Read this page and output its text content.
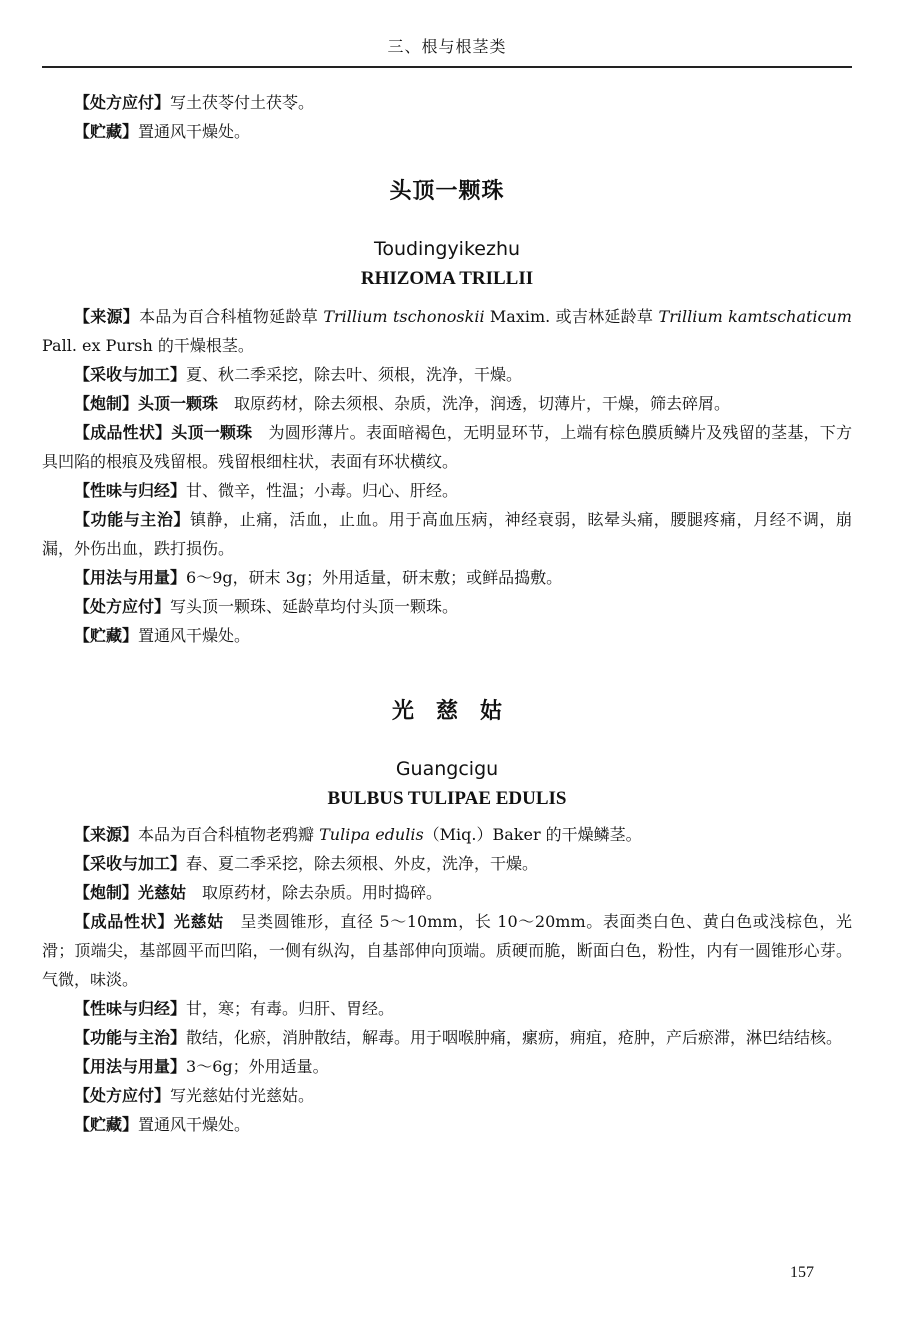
三、根与根茎类

【处方应付】写土茯苓付土茯苓。

【贮藏】置通风干燥处。

头顶一颗珠

Toudingyikezhu

RHIZOMA TRILLII

【来源】本品为百合科植物延龄草 Trillium tschonoskii Maxim. 或吉林延龄草 Trillium kamtschaticum Pall. ex Pursh 的干燥根茎。

【采收与加工】夏、秋二季采挖，除去叶、须根，洗净，干燥。

【炮制】头顶一颗珠　取原药材，除去须根、杂质，洗净，润透，切薄片，干燥，筛去碎屑。

【成品性状】头顶一颗珠　为圆形薄片。表面暗褐色，无明显环节，上端有棕色膜质鳞片及残留的茎基，下方具凹陷的根痕及残留根。残留根细柱状，表面有环状横纹。

【性味与归经】甘、微辛，性温；小毒。归心、肝经。

【功能与主治】镇静，止痛，活血，止血。用于高血压病，神经衰弱，眩晕头痛，腰腿疼痛，月经不调，崩漏，外伤出血，跌打损伤。

【用法与用量】6～9g，研末 3g；外用适量，研末敷；或鲜品捣敷。

【处方应付】写头顶一颗珠、延龄草均付头顶一颗珠。

【贮藏】置通风干燥处。

光慈姑

Guangcigu

BULBUS TULIPAE EDULIS

【来源】本品为百合科植物老鸦瓣 Tulipa edulis（Miq.）Baker 的干燥鳞茎。

【采收与加工】春、夏二季采挖，除去须根、外皮，洗净，干燥。

【炮制】光慈姑　取原药材，除去杂质。用时捣碎。

【成品性状】光慈姑　呈类圆锥形，直径 5～10mm，长 10～20mm。表面类白色、黄白色或浅棕色，光滑；顶端尖，基部圆平而凹陷，一侧有纵沟，自基部伸向顶端。质硬而脆，断面白色，粉性，内有一圆锥形心芽。气微，味淡。

【性味与归经】甘，寒；有毒。归肝、胃经。

【功能与主治】散结，化瘀，消肿散结，解毒。用于咽喉肿痛，瘰疬，痈疽，疮肿，产后瘀滞，淋巴结结核。

【用法与用量】3～6g；外用适量。

【处方应付】写光慈姑付光慈姑。

【贮藏】置通风干燥处。

157
